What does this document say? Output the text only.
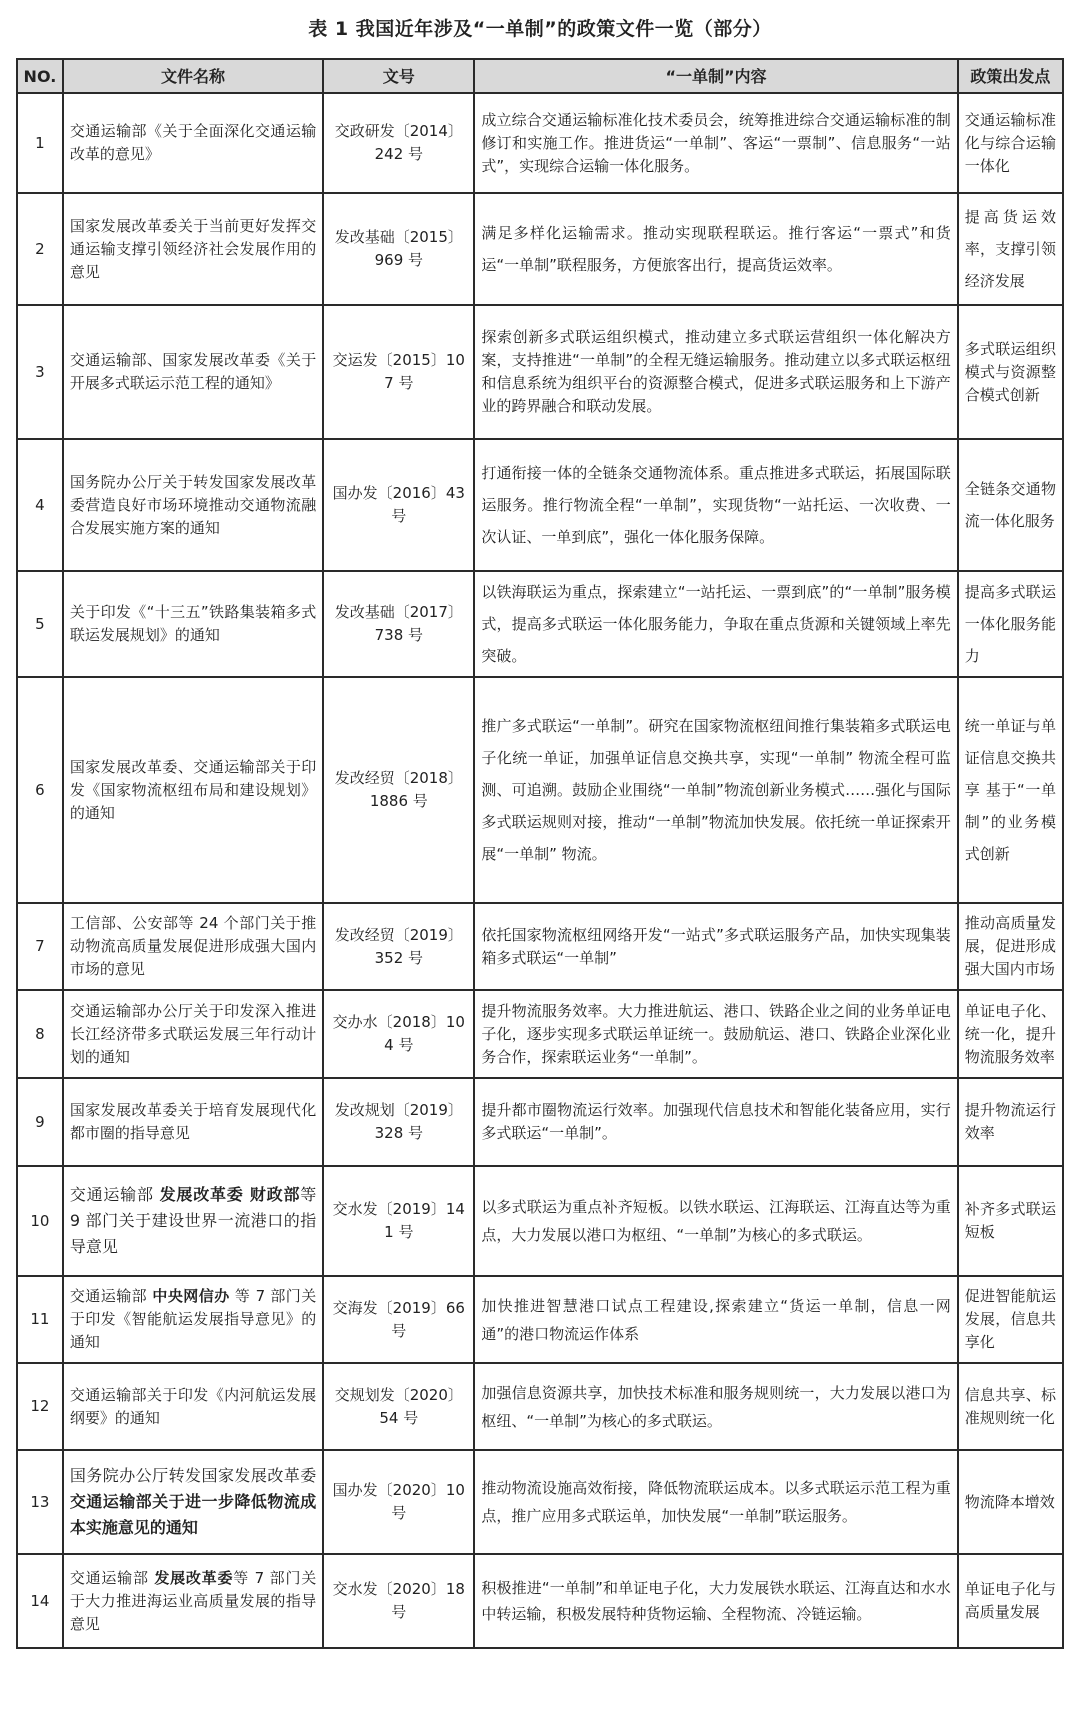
表 1 我国近年涉及“一单制”的政策文件一览（部分）
NO.	文件名称	文号	“一单制”内容	政策出发点
1	交通运输部《关于全面深化交通运输改革的意见》	交政研发〔2014〕242 号	成立综合交通运输标准化技术委员会，统筹推进综合交通运输标准的制修订和实施工作。推进货运“一单制”、客运“一票制”、信息服务“一站式”，实现综合运输一体化服务。	交通运输标准化与综合运输一体化
2	国家发展改革委关于当前更好发挥交通运输支撑引领经济社会发展作用的意见	发改基础〔2015〕969 号	满足多样化运输需求。推动实现联程联运。推行客运“一票式”和货运“一单制”联程服务，方便旅客出行，提高货运效率。	提高货运效率，支撑引领经济发展
3	交通运输部、国家发展改革委《关于开展多式联运示范工程的通知》	交运发〔2015〕107 号	探索创新多式联运组织模式，推动建立多式联运营组织一体化解决方案，支持推进“一单制”的全程无缝运输服务。推动建立以多式联运枢纽和信息系统为组织平台的资源整合模式，促进多式联运服务和上下游产业的跨界融合和联动发展。	多式联运组织模式与资源整合模式创新
4	国务院办公厅关于转发国家发展改革委营造良好市场环境推动交通物流融合发展实施方案的通知	国办发〔2016〕43 号	打通衔接一体的全链条交通物流体系。重点推进多式联运，拓展国际联运服务。推行物流全程“一单制”，实现货物“一站托运、一次收费、一次认证、一单到底”，强化一体化服务保障。	全链条交通物流一体化服务
5	关于印发《“十三五”铁路集装箱多式联运发展规划》的通知	发改基础〔2017〕738 号	以铁海联运为重点，探索建立“一站托运、一票到底”的“一单制”服务模式，提高多式联运一体化服务能力，争取在重点货源和关键领域上率先突破。	提高多式联运一体化服务能力
6	国家发展改革委、交通运输部关于印发《国家物流枢纽布局和建设规划》的通知	发改经贸〔2018〕1886 号	推广多式联运“一单制”。研究在国家物流枢纽间推行集装箱多式联运电子化统一单证，加强单证信息交换共享，实现“一单制” 物流全程可监测、可追溯。鼓励企业围绕“一单制”物流创新业务模式……强化与国际多式联运规则对接，推动“一单制”物流加快发展。依托统一单证探索开展“一单制” 物流。	统一单证与单证信息交换共享 基于“一单制”的业务模式创新
7	工信部、公安部等 24 个部门关于推动物流高质量发展促进形成强大国内市场的意见	发改经贸〔2019〕352 号	依托国家物流枢纽网络开发“一站式”多式联运服务产品，加快实现集装箱多式联运“一单制”	推动高质量发展，促进形成强大国内市场
8	交通运输部办公厅关于印发深入推进长江经济带多式联运发展三年行动计划的通知	交办水〔2018〕104 号	提升物流服务效率。大力推进航运、港口、铁路企业之间的业务单证电子化，逐步实现多式联运单证统一。鼓励航运、港口、铁路企业深化业务合作，探索联运业务“一单制”。	单证电子化、统一化，提升物流服务效率
9	国家发展改革委关于培育发展现代化都市圈的指导意见	发改规划〔2019〕328 号	提升都市圈物流运行效率。加强现代信息技术和智能化装备应用，实行多式联运“一单制”。	提升物流运行效率
10	交通运输部 发展改革委 财政部等 9 部门关于建设世界一流港口的指导意见	交水发〔2019〕141 号	以多式联运为重点补齐短板。以铁水联运、江海联运、江海直达等为重点，大力发展以港口为枢纽、“一单制”为核心的多式联运。	补齐多式联运短板
11	交通运输部 中央网信办 等 7 部门关于印发《智能航运发展指导意见》的通知	交海发〔2019〕66 号	加快推进智慧港口试点工程建设,探索建立“货运一单制，信息一网通”的港口物流运作体系	促进智能航运发展，信息共享化
12	交通运输部关于印发《内河航运发展纲要》的通知	交规划发〔2020〕54 号	加强信息资源共享，加快技术标准和服务规则统一，大力发展以港口为枢纽、“一单制”为核心的多式联运。	信息共享、标准规则统一化
13	国务院办公厅转发国家发展改革委 交通运输部关于进一步降低物流成本实施意见的通知	国办发〔2020〕10 号	推动物流设施高效衔接，降低物流联运成本。以多式联运示范工程为重点，推广应用多式联运单，加快发展“一单制”联运服务。	物流降本增效
14	交通运输部 发展改革委等 7 部门关于大力推进海运业高质量发展的指导意见	交水发〔2020〕18 号	积极推进“一单制”和单证电子化，大力发展铁水联运、江海直达和水水中转运输，积极发展特种货物运输、全程物流、冷链运输。	单证电子化与高质量发展
